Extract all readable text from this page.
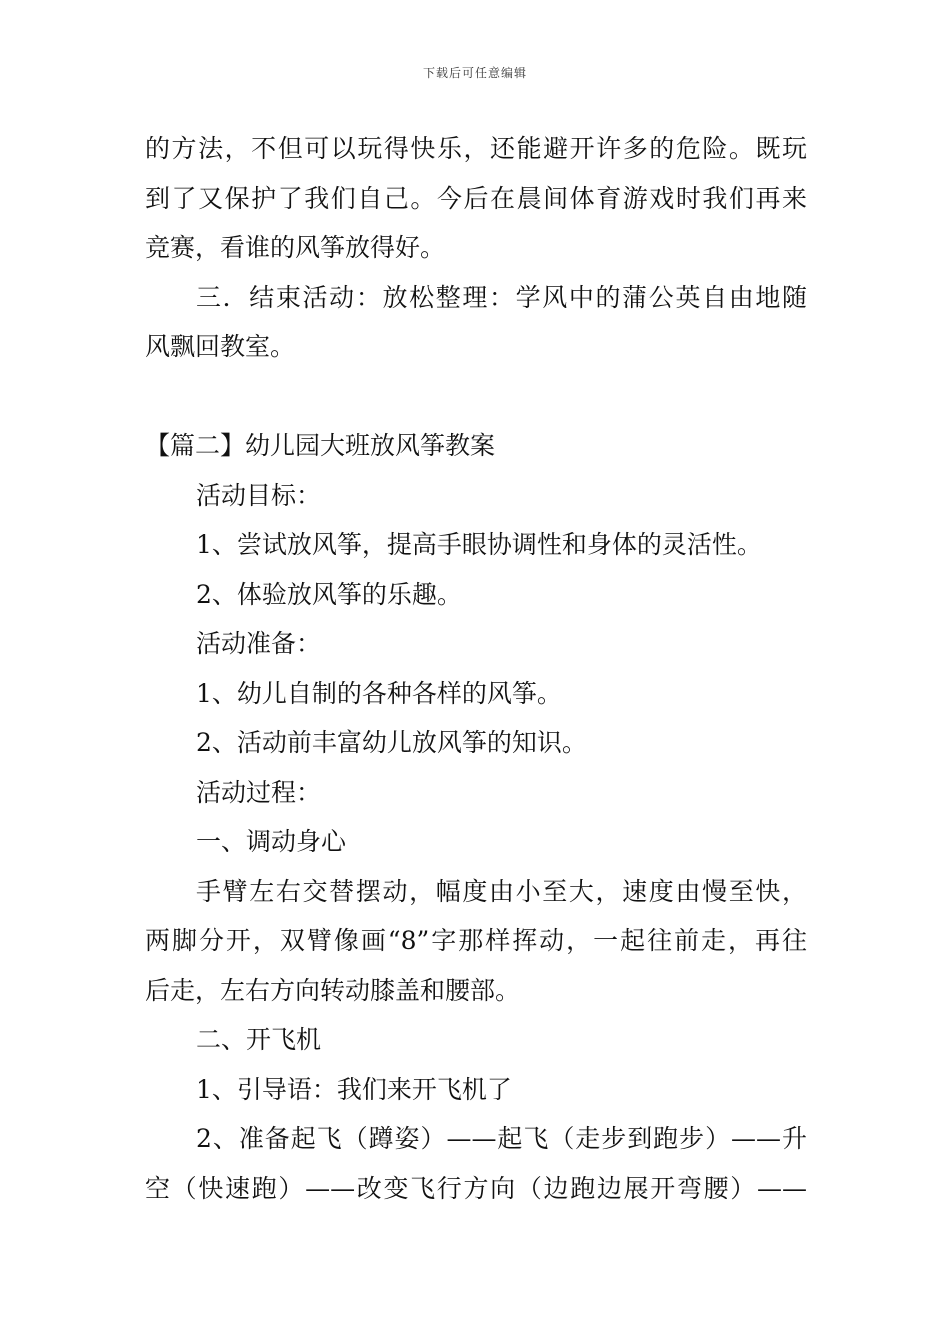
下载后可任意编辑
的方法，不但可以玩得快乐，还能避开许多的危险。既玩
到了又保护了我们自己。今后在晨间体育游戏时我们再来
竞赛，看谁的风筝放得好。
三．结束活动：放松整理：学风中的蒲公英自由地随
风飘回教室。
【篇二】幼儿园大班放风筝教案
活动目标：
1、尝试放风筝，提高手眼协调性和身体的灵活性。
2、体验放风筝的乐趣。
活动准备：
1、幼儿自制的各种各样的风筝。
2、活动前丰富幼儿放风筝的知识。
活动过程：
一、调动身心
手臂左右交替摆动，幅度由小至大，速度由慢至快，
两脚分开，双臂像画“8”字那样挥动，一起往前走，再往
后走，左右方向转动膝盖和腰部。
二、开飞机
1、引导语：我们来开飞机了
2、准备起飞（蹲姿）——起飞（走步到跑步）——升
空（快速跑）——改变飞行方向（边跑边展开弯腰）——
